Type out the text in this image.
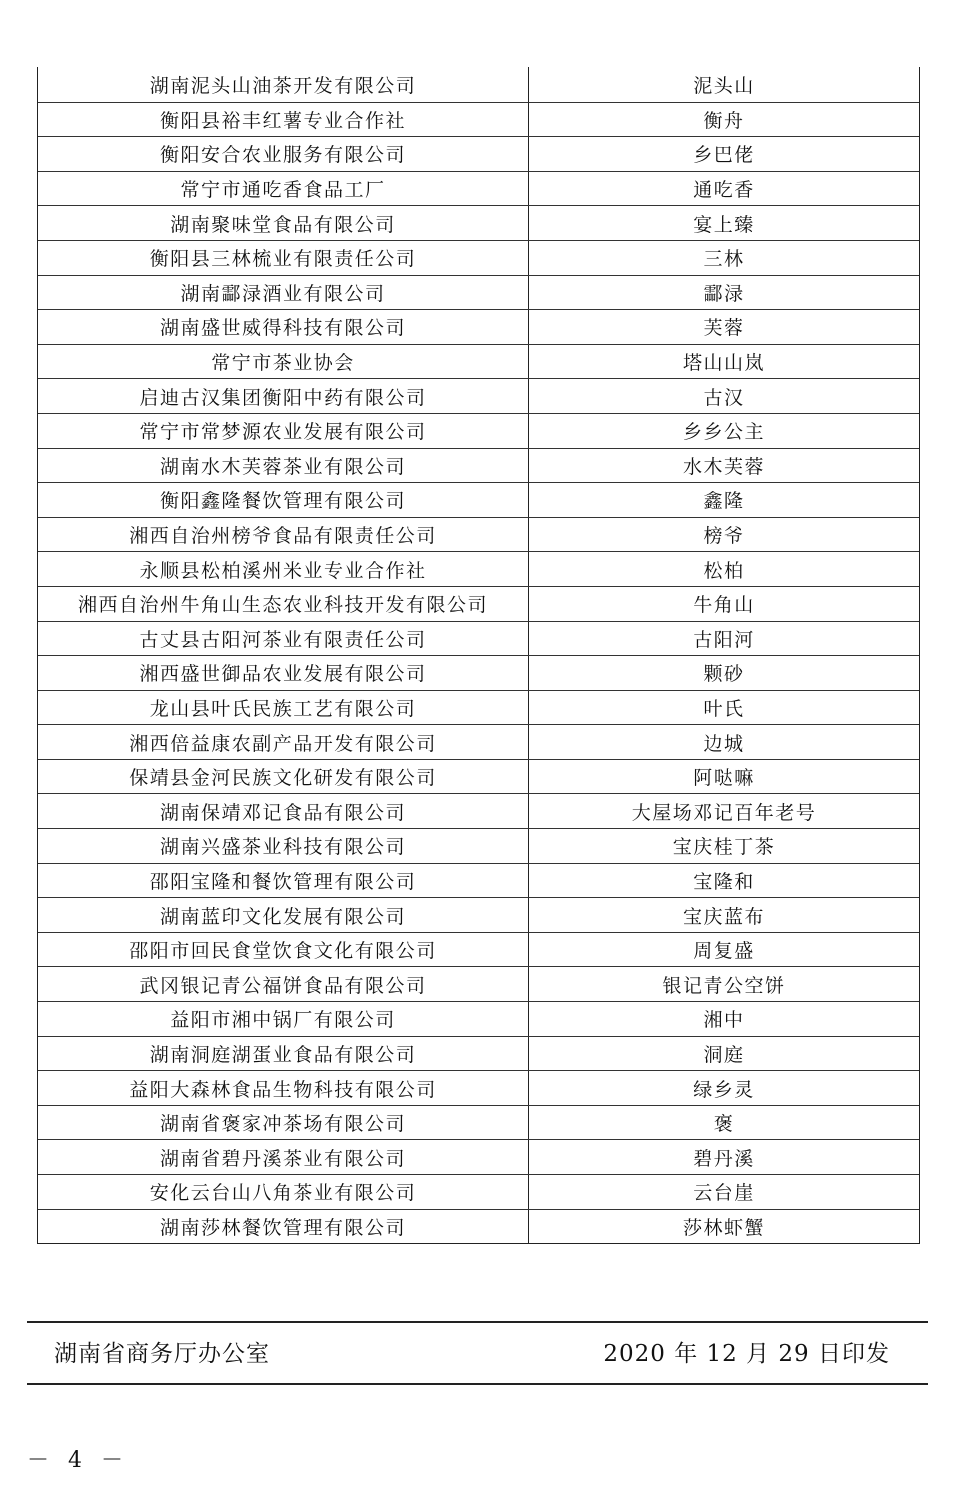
湖南泥头山油茶开发有限公司	泥头山
衡阳县裕丰红薯专业合作社	衡舟
衡阳安合农业服务有限公司	乡巴佬
常宁市通吃香食品工厂	通吃香
湖南聚味堂食品有限公司	宴上臻
衡阳县三林梳业有限责任公司	三林
湖南酃渌酒业有限公司	酃渌
湖南盛世威得科技有限公司	芙蓉
常宁市茶业协会	塔山山岚
启迪古汉集团衡阳中药有限公司	古汉
常宁市常梦源农业发展有限公司	乡乡公主
湖南水木芙蓉茶业有限公司	水木芙蓉
衡阳鑫隆餐饮管理有限公司	鑫隆
湘西自治州榜爷食品有限责任公司	榜爷
永顺县松柏溪州米业专业合作社	松柏
湘西自治州牛角山生态农业科技开发有限公司	牛角山
古丈县古阳河茶业有限责任公司	古阳河
湘西盛世御品农业发展有限公司	颗砂
龙山县叶氏民族工艺有限公司	叶氏
湘西倍益康农副产品开发有限公司	边城
保靖县金河民族文化研发有限公司	阿哒嘛
湖南保靖邓记食品有限公司	大屋场邓记百年老号
湖南兴盛茶业科技有限公司	宝庆桂丁茶
邵阳宝隆和餐饮管理有限公司	宝隆和
湖南蓝印文化发展有限公司	宝庆蓝布
邵阳市回民食堂饮食文化有限公司	周复盛
武冈银记青公福饼食品有限公司	银记青公空饼
益阳市湘中锅厂有限公司	湘中
湖南洞庭湖蛋业食品有限公司	洞庭
益阳大森林食品生物科技有限公司	绿乡灵
湖南省褒家冲茶场有限公司	褒
湖南省碧丹溪茶业有限公司	碧丹溪
安化云台山八角茶业有限公司	云台崖
湖南莎林餐饮管理有限公司	莎林虾蟹
湖南省商务厅办公室	2020 年 12 月 29 日印发
－ 4 －
